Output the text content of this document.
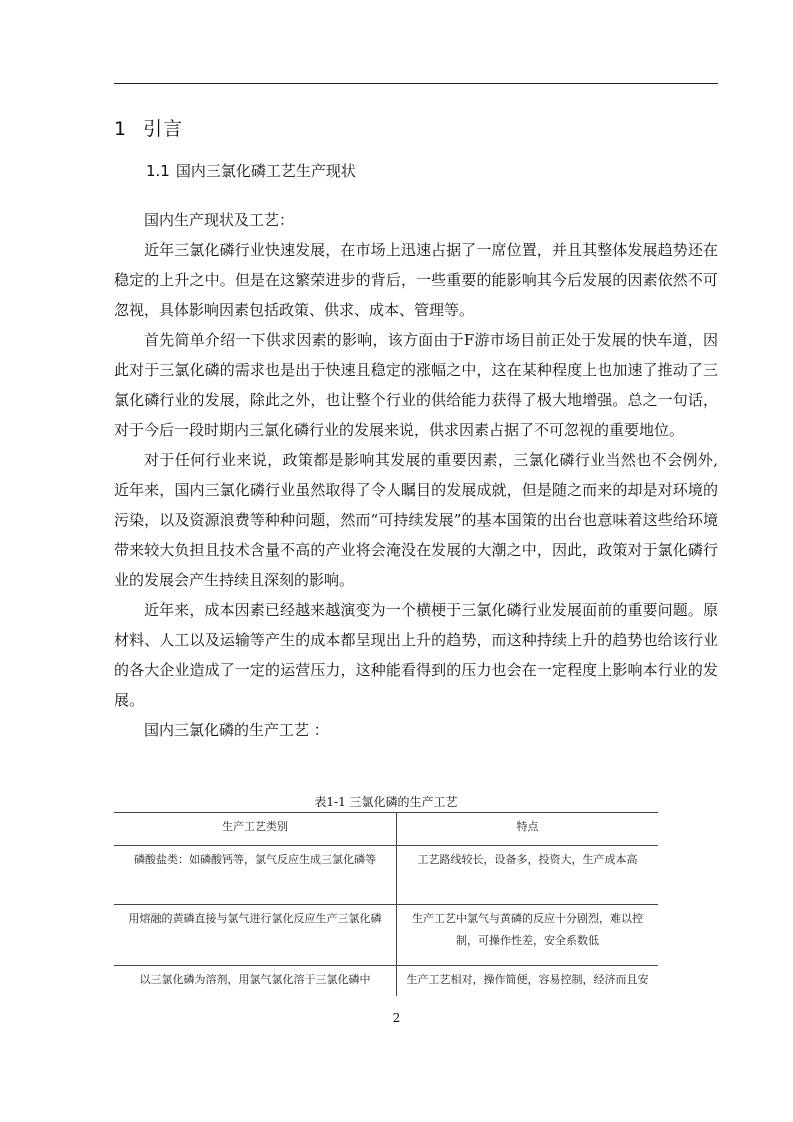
1 引言
1.1 国内三氯化磷工艺生产现状

国内生产现状及工艺：

近年三氯化磷行业快速发展，在市场上迅速占据了一席位置，并且其整体发展趋势还在稳定的上升之中。但是在这繁荣进步的背后，一些重要的能影响其今后发展的因素依然不可忽视，具体影响因素包括政策、供求、成本、管理等。

首先简单介绍一下供求因素的影响，该方面由于F游市场目前正处于发展的快车道，因此对于三氯化磷的需求也是出于快速且稳定的涨幅之中，这在某种程度上也加速了推动了三氯化磷行业的发展，除此之外，也让整个行业的供给能力获得了极大地增强。总之一句话，对于今后一段时期内三氯化磷行业的发展来说，供求因素占据了不可忽视的重要地位。

对于任何行业来说，政策都是影响其发展的重要因素，三氯化磷行业当然也不会例外,近年来，国内三氯化磷行业虽然取得了令人瞩目的发展成就，但是随之而来的却是对环境的污染，以及资源浪费等种种问题，然而“可持续发展”的基本国策的出台也意味着这些给环境带来较大负担且技术含量不高的产业将会淹没在发展的大潮之中，因此，政策对于氯化磷行业的发展会产生持续且深刻的影响。

近年来，成本因素已经越来越演变为一个横梗于三氯化磷行业发展面前的重要问题。原材料、人工以及运输等产生的成本都呈现出上升的趋势，而这种持续上升的趋势也给该行业的各大企业造成了一定的运营压力，这种能看得到的压力也会在一定程度上影响本行业的发展。

国内三氯化磷的生产工艺 ：

表1-1 三氯化磷的生产工艺
生产工艺类别	特点
磷酸盐类：如磷酸钙等，氯气反应生成三氯化磷等	工艺路线较长，设备多，投资大，生产成本高
用熔融的黄磷直接与氯气进行氯化反应生产三氯化磷	生产工艺中氯气与黄磷的反应十分剧烈，难以控制，可操作性差，安全系数低
以三氯化磷为溶剂，用氯气氯化溶于三氯化磷中	生产工艺相对，操作简便，容易控制，经济而且安
2
